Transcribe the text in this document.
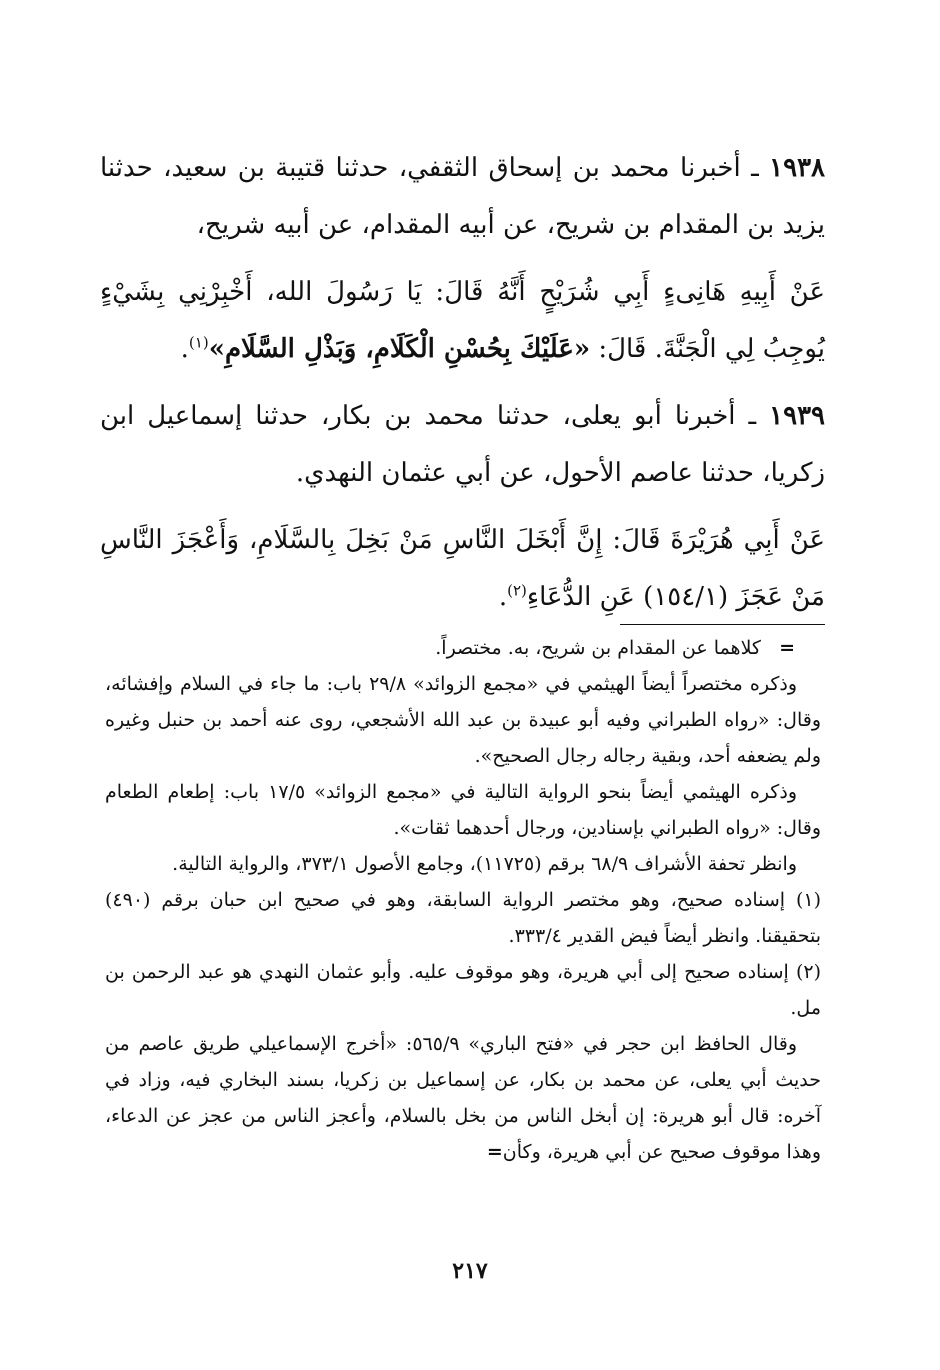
١٩٣٨ ـ أخبرنا محمد بن إسحاق الثقفي، حدثنا قتيبة بن سعيد، حدثنا يزيد بن المقدام بن شريح، عن أبيه المقدام، عن أبيه شريح،

عَنْ أَبِيهِ هَانِىءٍ أَبِي شُرَيْحٍ أَنَّهُ قَالَ: يَا رَسُولَ الله، أَخْبِرْنِي بِشَيْءٍ يُوجِبُ لِي الْجَنَّةَ. قَالَ: «عَلَيْكَ بِحُسْنِ الْكَلَامِ، وَبَذْلِ السَّلَامِ»$^{(١)}$.

١٩٣٩ ـ أخبرنا أبو يعلى، حدثنا محمد بن بكار، حدثنا إسماعيل ابن زكريا، حدثنا عاصم الأحول، عن أبي عثمان النهدي.

عَنْ أَبِي هُرَيْرَةَ قَالَ: إِنَّ أَبْخَلَ النَّاسِ مَنْ بَخِلَ بِالسَّلَامِ، وَأَعْجَزَ النَّاسِ مَنْ عَجَزَ (١٥٤/١) عَنِ الدُّعَاءِ$^{(٢)}$.

=   كلاهما عن المقدام بن شريح، به. مختصراً.

وذكره مختصراً أيضاً الهيثمي في «مجمع الزوائد» ٢٩/٨ باب: ما جاء في السلام وإفشائه، وقال: «رواه الطبراني وفيه أبو عبيدة بن عبد الله الأشجعي، روى عنه أحمد بن حنبل وغيره ولم يضعفه أحد، وبقية رجاله رجال الصحيح».

وذكره الهيثمي أيضاً بنحو الرواية التالية في «مجمع الزوائد» ١٧/٥ باب: إطعام الطعام وقال: «رواه الطبراني بإسنادين، ورجال أحدهما ثقات».

وانظر تحفة الأشراف ٦٨/٩ برقم (١١٧٢٥)، وجامع الأصول ٣٧٣/١، والرواية التالية.

(١) إسناده صحيح، وهو مختصر الرواية السابقة، وهو في صحيح ابن حبان برقم (٤٩٠) بتحقيقنا. وانظر أيضاً فيض القدير ٣٣٣/٤.

(٢) إسناده صحيح إلى أبي هريرة، وهو موقوف عليه. وأبو عثمان النهدي هو عبد الرحمن بن مل.

وقال الحافظ ابن حجر في «فتح الباري» ٥٦٥/٩: «أخرج الإسماعيلي طريق عاصم من حديث أبي يعلى، عن محمد بن بكار، عن إسماعيل بن زكريا، بسند البخاري فيه، وزاد في آخره: قال أبو هريرة: إن أبخل الناس من بخل بالسلام، وأعجز الناس من عجز عن الدعاء، وهذا موقوف صحيح عن أبي هريرة، وكأن=

٢١٧
